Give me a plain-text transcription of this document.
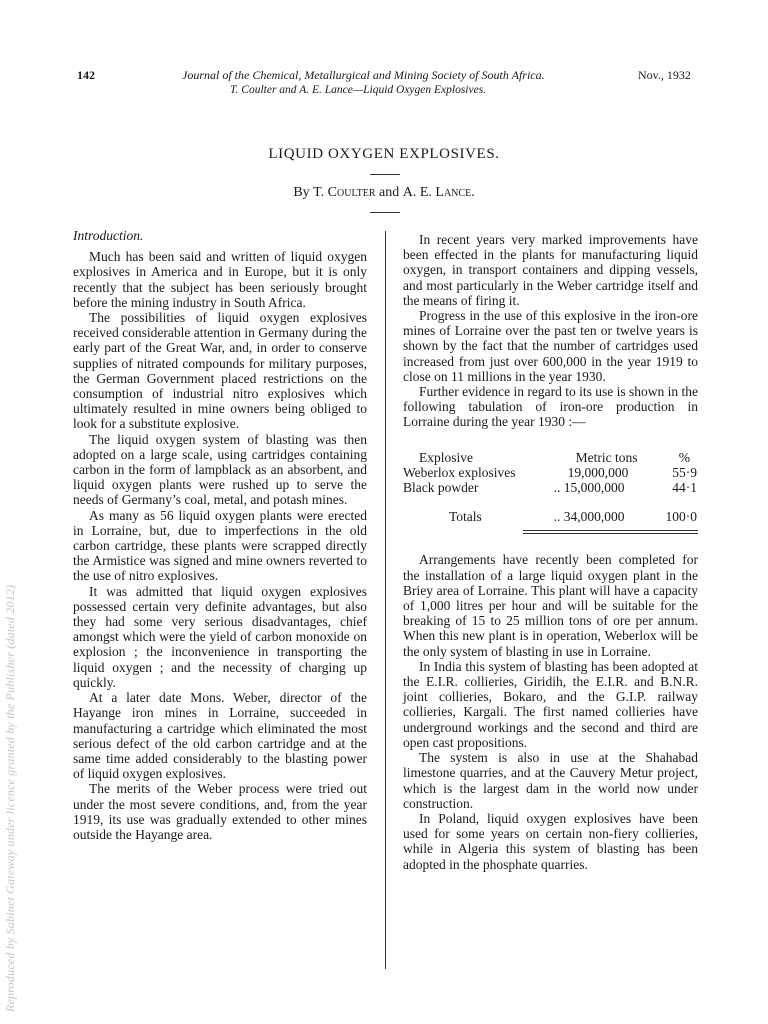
Reproduced by Sabinet Gateway under licence granted by the Publisher (dated 2012)
142	Journal of the Chemical, Metallurgical and Mining Society of South Africa.	Nov., 1932
T. Coulter and A. E. Lance—Liquid Oxygen Explosives.
LIQUID OXYGEN EXPLOSIVES.
By T. Coulter and A. E. Lance.

Introduction.

Much has been said and written of liquid oxygen explosives in America and in Europe, but it is only recently that the subject has been seriously brought before the mining industry in South Africa.

The possibilities of liquid oxygen explosives received considerable attention in Germany during the early part of the Great War, and, in order to conserve supplies of nitrated compounds for military purposes, the German Government placed restrictions on the consumption of industrial nitro explosives which ultimately resulted in mine owners being obliged to look for a substitute explosive.

The liquid oxygen system of blasting was then adopted on a large scale, using cartridges containing carbon in the form of lampblack as an absorbent, and liquid oxygen plants were rushed up to serve the needs of Germany’s coal, metal, and potash mines.

As many as 56 liquid oxygen plants were erected in Lorraine, but, due to imperfections in the old carbon cartridge, these plants were scrapped directly the Armistice was signed and mine owners reverted to the use of nitro explosives.

It was admitted that liquid oxygen explosives possessed certain very definite advantages, but also they had some very serious disadvantages, chief amongst which were the yield of carbon monoxide on explosion ; the inconvenience in transporting the liquid oxygen ; and the necessity of charging up quickly.

At a later date Mons. Weber, director of the Hayange iron mines in Lorraine, succeeded in manufacturing a cartridge which eliminated the most serious defect of the old carbon cartridge and at the same time added considerably to the blasting power of liquid oxygen explosives.

The merits of the Weber process were tried out under the most severe conditions, and, from the year 1919, its use was gradually extended to other mines outside the Hayange area.

In recent years very marked improvements have been effected in the plants for manufacturing liquid oxygen, in transport containers and dipping vessels, and most particularly in the Weber cartridge itself and the means of firing it.

Progress in the use of this explosive in the iron-ore mines of Lorraine over the past ten or twelve years is shown by the fact that the number of cartridges used increased from just over 600,000 in the year 1919 to close on 11 millions in the year 1930.

Further evidence in regard to its use is shown in the following tabulation of iron-ore production in Lorraine during the year 1930 :—

Explosive	Metric tons	%
Weberlox explosives	19,000,000	55·9
Black powder	.. 15,000,000	44·1
Totals	.. 34,000,000	100·0

Arrangements have recently been completed for the installation of a large liquid oxygen plant in the Briey area of Lorraine. This plant will have a capacity of 1,000 litres per hour and will be suitable for the breaking of 15 to 25 million tons of ore per annum. When this new plant is in operation, Weberlox will be the only system of blasting in use in Lorraine.

In India this system of blasting has been adopted at the E.I.R. collieries, Giridih, the E.I.R. and B.N.R. joint collieries, Bokaro, and the G.I.P. railway collieries, Kargali. The first named collieries have underground workings and the second and third are open cast propositions.

The system is also in use at the Shahabad limestone quarries, and at the Cauvery Metur project, which is the largest dam in the world now under construction.

In Poland, liquid oxygen explosives have been used for some years on certain non-fiery collieries, while in Algeria this system of blasting has been adopted in the phosphate quarries.
